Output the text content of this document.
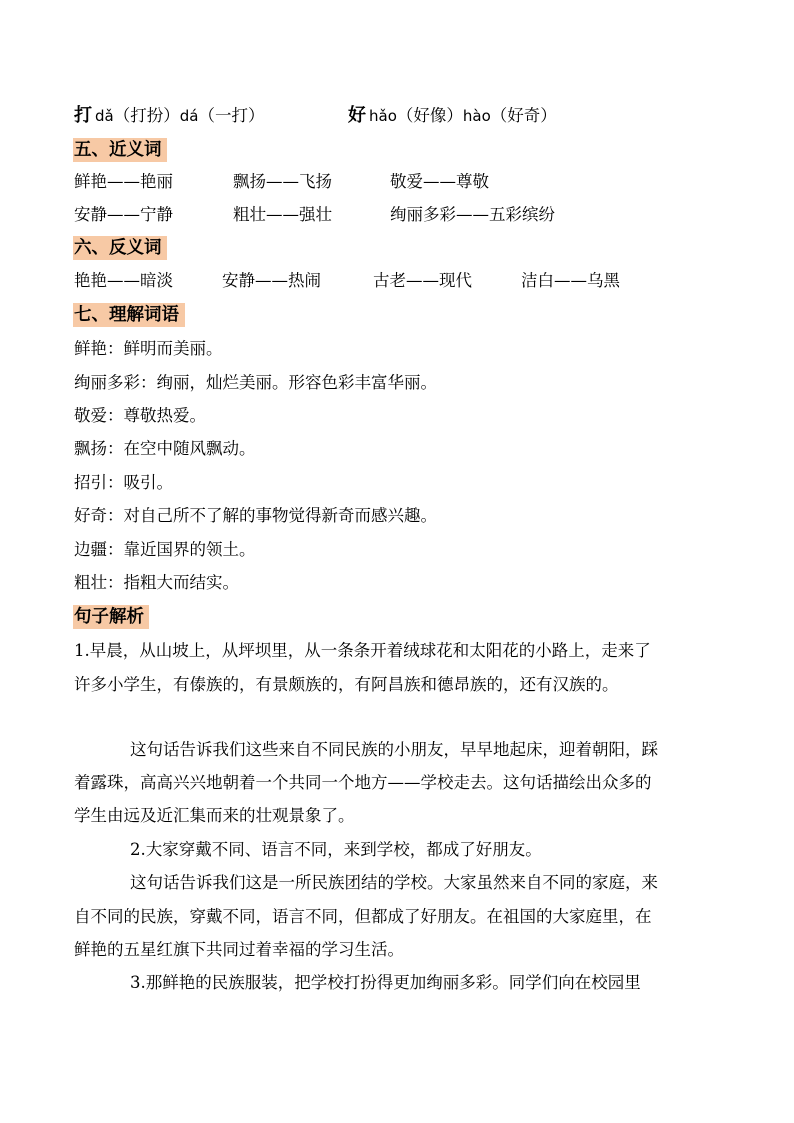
打 dǎ（打扮）dá（一打）	好 hǎo（好像）hào（好奇）
五、近义词
鲜艳——艳丽	飘扬——飞扬	敬爱——尊敬
安静——宁静	粗壮——强壮	绚丽多彩——五彩缤纷
六、反义词
艳艳——暗淡	安静——热闹	古老——现代	洁白——乌黑
七、理解词语
鲜艳：鲜明而美丽。
绚丽多彩：绚丽，灿烂美丽。形容色彩丰富华丽。
敬爱：尊敬热爱。
飘扬：在空中随风飘动。
招引：吸引。
好奇：对自己所不了解的事物觉得新奇而感兴趣。
边疆：靠近国界的领土。
粗壮：指粗大而结实。
句子解析
1.早晨，从山坡上，从坪坝里，从一条条开着绒球花和太阳花的小路上，走来了
许多小学生，有傣族的，有景颇族的，有阿昌族和德昂族的，还有汉族的。
这句话告诉我们这些来自不同民族的小朋友，早早地起床，迎着朝阳，踩
着露珠，高高兴兴地朝着一个共同一个地方——学校走去。这句话描绘出众多的
学生由远及近汇集而来的壮观景象了。
2.大家穿戴不同、语言不同，来到学校，都成了好朋友。
这句话告诉我们这是一所民族团结的学校。大家虽然来自不同的家庭，来
自不同的民族，穿戴不同，语言不同，但都成了好朋友。在祖国的大家庭里，在
鲜艳的五星红旗下共同过着幸福的学习生活。
3.那鲜艳的民族服装，把学校打扮得更加绚丽多彩。同学们向在校园里
